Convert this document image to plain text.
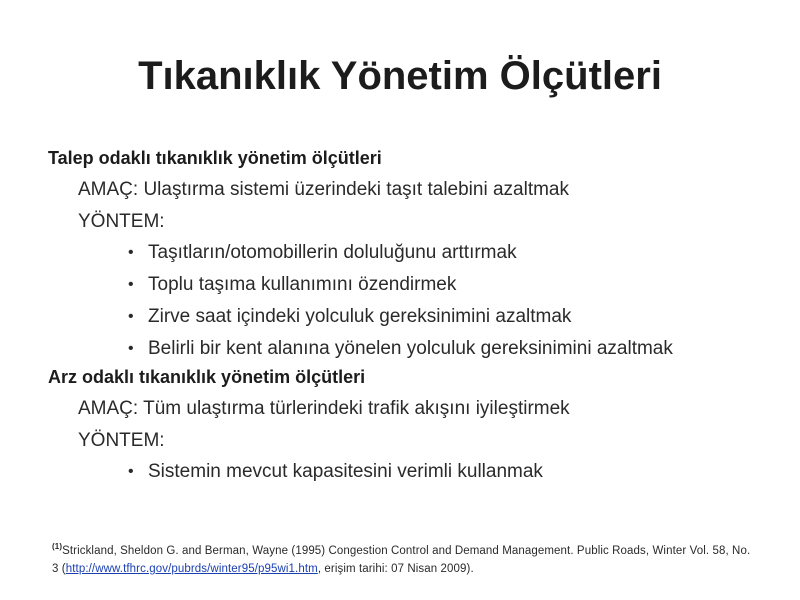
Tıkanıklık Yönetim Ölçütleri
Talep odaklı tıkanıklık yönetim ölçütleri
AMAÇ: Ulaştırma sistemi üzerindeki taşıt talebini azaltmak
YÖNTEM:
• Taşıtların/otomobillerin doluluğunu arttırmak
• Toplu taşıma kullanımını özendirmek
• Zirve saat içindeki yolculuk gereksinimini azaltmak
• Belirli bir kent alanına yönelen yolculuk gereksinimini azaltmak
Arz odaklı tıkanıklık yönetim ölçütleri
AMAÇ: Tüm ulaştırma türlerindeki trafik akışını iyileştirmek
YÖNTEM:
• Sistemin mevcut kapasitesini verimli kullanmak
$^{(1)}$Strickland, Sheldon G. and Berman, Wayne (1995) Congestion Control and Demand Management. Public Roads, Winter Vol. 58, No. 3 (http://www.tfhrc.gov/pubrds/winter95/p95wi1.htm, erişim tarihi: 07 Nisan 2009).
